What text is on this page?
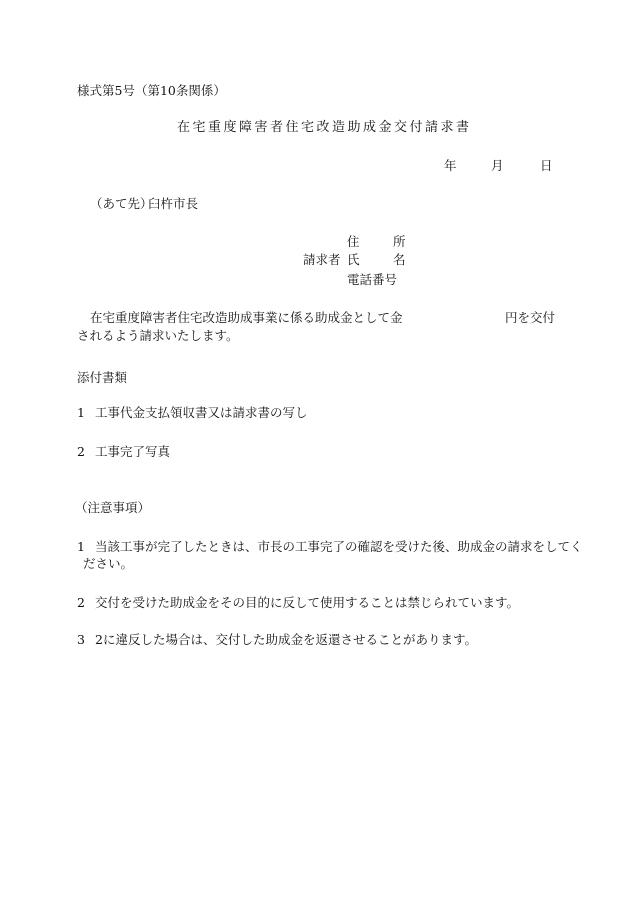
様式第5号（第10条関係）
在宅重度障害者住宅改造助成金交付請求書
年	月	日
（あて先）
臼杵市長
住	所
請求者 氏	名
電話番号
在宅重度障害者住宅改造助成事業に係る助成金として金	円を交付
されるよう請求いたします。
添付書類
1 工事代金支払領収書又は請求書の写し
2 工事完了写真
（注意事項）
1 当該工事が完了したときは、市長の工事完了の確認を受けた後、助成金の請求をしてく
ださい。
2 交付を受けた助成金をその目的に反して使用することは禁じられています。
3 2に違反した場合は、交付した助成金を返還させることがあります。
